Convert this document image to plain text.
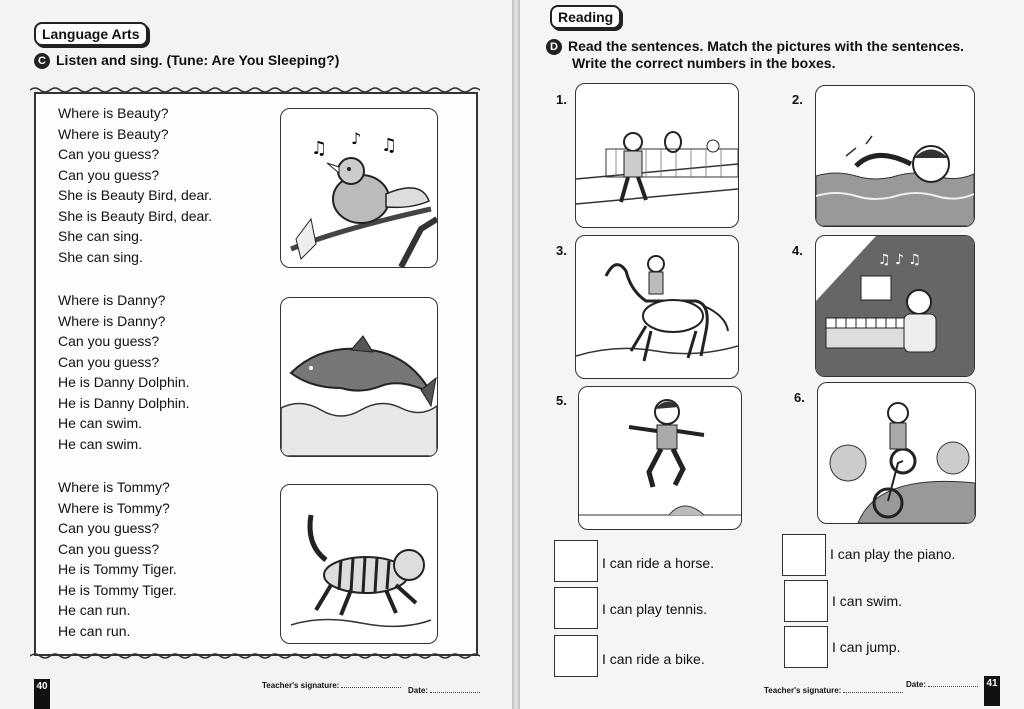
Language Arts
C Listen and sing. (Tune: Are You Sleeping?)
Where is Beauty?
Where is Beauty?
Can you guess?
Can you guess?
She is Beauty Bird, dear.
She is Beauty Bird, dear.
She can sing.
She can sing.
Where is Danny?
Where is Danny?
Can you guess?
Can you guess?
He is Danny Dolphin.
He is Danny Dolphin.
He can swim.
He can swim.
Where is Tommy?
Where is Tommy?
Can you guess?
Can you guess?
He is Tommy Tiger.
He is Tommy Tiger.
He can run.
He can run.
♫ ♪ ♫
Teacher's signature:
Date:
40
Reading
D Read the sentences. Match the pictures with the sentences.
Write the correct numbers in the boxes.
1.	2.
3.	4.
♫ ♪ ♫
5.	6.
I can ride a horse.
I can play tennis.
I can ride a bike.
I can play the piano.
I can swim.
I can jump.
Teacher's signature:
Date:	41
